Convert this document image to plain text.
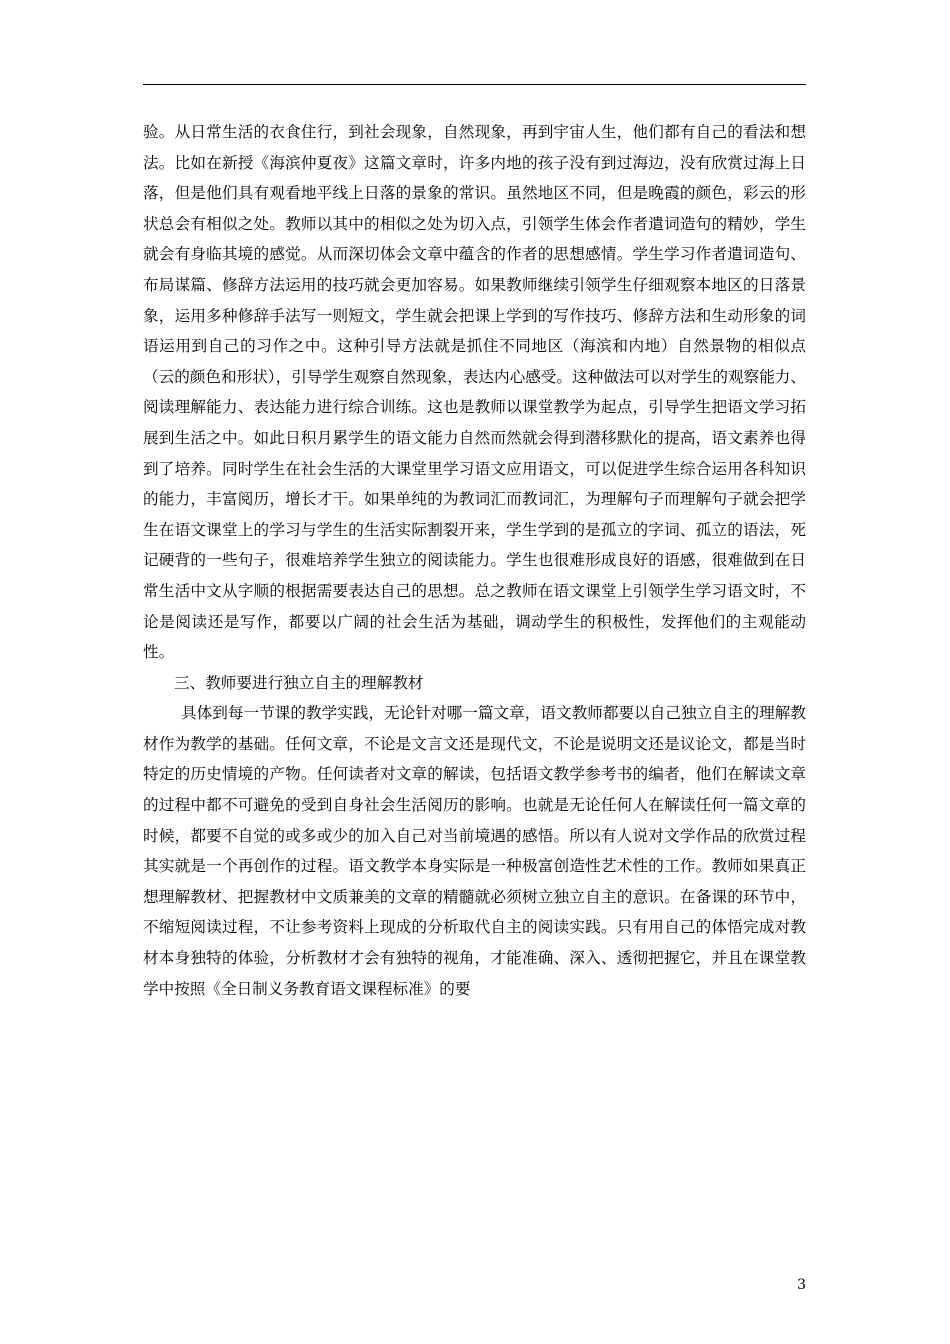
验。从日常生活的衣食住行，到社会现象，自然现象，再到宇宙人生，他们都有自己的看法和想法。比如在新授《海滨仲夏夜》这篇文章时，许多内地的孩子没有到过海边，没有欣赏过海上日落，但是他们具有观看地平线上日落的景象的常识。虽然地区不同，但是晚霞的颜色，彩云的形状总会有相似之处。教师以其中的相似之处为切入点，引领学生体会作者遣词造句的精妙，学生就会有身临其境的感觉。从而深切体会文章中蕴含的作者的思想感情。学生学习作者遣词造句、布局谋篇、修辞方法运用的技巧就会更加容易。如果教师继续引领学生仔细观察本地区的日落景象，运用多种修辞手法写一则短文，学生就会把课上学到的写作技巧、修辞方法和生动形象的词语运用到自己的习作之中。这种引导方法就是抓住不同地区（海滨和内地）自然景物的相似点（云的颜色和形状），引导学生观察自然现象，表达内心感受。这种做法可以对学生的观察能力、阅读理解能力、表达能力进行综合训练。这也是教师以课堂教学为起点，引导学生把语文学习拓展到生活之中。如此日积月累学生的语文能力自然而然就会得到潜移默化的提高，语文素养也得到了培养。同时学生在社会生活的大课堂里学习语文应用语文，可以促进学生综合运用各科知识的能力，丰富阅历，增长才干。如果单纯的为教词汇而教词汇，为理解句子而理解句子就会把学生在语文课堂上的学习与学生的生活实际割裂开来，学生学到的是孤立的字词、孤立的语法，死记硬背的一些句子，很难培养学生独立的阅读能力。学生也很难形成良好的语感，很难做到在日常生活中文从字顺的根据需要表达自己的思想。总之教师在语文课堂上引领学生学习语文时，不论是阅读还是写作，都要以广阔的社会生活为基础，调动学生的积极性，发挥他们的主观能动性。

三、教师要进行独立自主的理解教材

具体到每一节课的教学实践，无论针对哪一篇文章，语文教师都要以自己独立自主的理解教材作为教学的基础。任何文章，不论是文言文还是现代文，不论是说明文还是议论文，都是当时特定的历史情境的产物。任何读者对文章的解读，包括语文教学参考书的编者，他们在解读文章的过程中都不可避免的受到自身社会生活阅历的影响。也就是无论任何人在解读任何一篇文章的时候，都要不自觉的或多或少的加入自己对当前境遇的感悟。所以有人说对文学作品的欣赏过程其实就是一个再创作的过程。语文教学本身实际是一种极富创造性艺术性的工作。教师如果真正想理解教材、把握教材中文质兼美的文章的精髓就必须树立独立自主的意识。在备课的环节中，不缩短阅读过程，不让参考资料上现成的分析取代自主的阅读实践。只有用自己的体悟完成对教材本身独特的体验，分析教材才会有独特的视角，才能准确、深入、透彻把握它，并且在课堂教学中按照《全日制义务教育语文课程标准》的要

3
